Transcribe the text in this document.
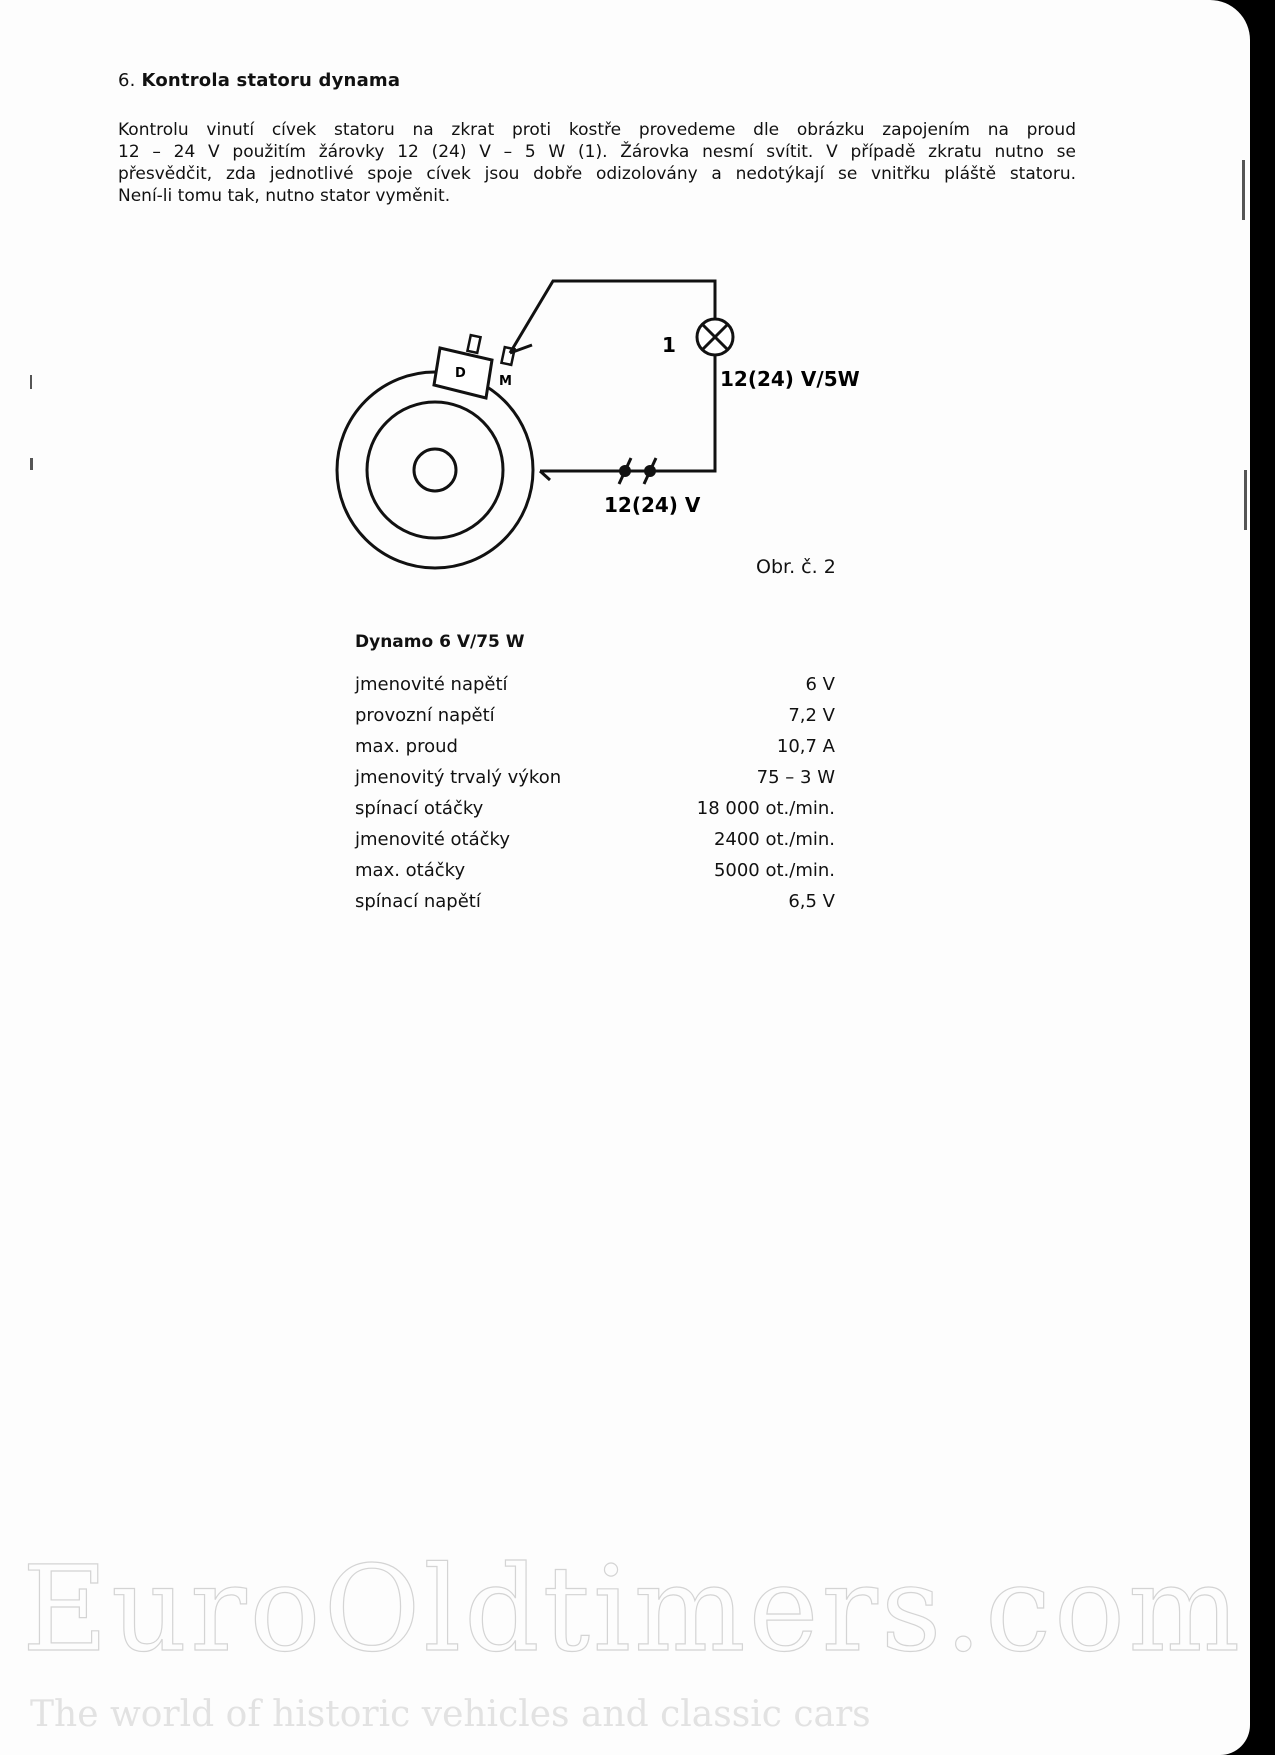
6. Kontrola statoru dynama

Kontrolu vinutí cívek statoru na zkrat proti kostře provedeme dle obrázku zapojením na proud
12 – 24 V použitím žárovky 12 (24) V – 5 W (1). Žárovka nesmí svítit. V případě zkratu nutno se
přesvědčit, zda jednotlivé spoje cívek jsou dobře odizolovány a nedotýkají se vnitřku pláště statoru.
Není-li tomu tak, nutno stator vyměnit.

D
M
1
12(24) V/5W
12(24) V
Obr. č. 2
Dynamo 6 V/75 W
jmenovité napětí	6 V
provozní napětí	7,2 V
max. proud	10,7 A
jmenovitý trvalý výkon	75 – 3 W
spínací otáčky	18 000 ot./min.
jmenovité otáčky	2400 ot./min.
max. otáčky	5000 ot./min.
spínací napětí	6,5 V
EuroOldtimers.com
The world of historic vehicles and classic cars
